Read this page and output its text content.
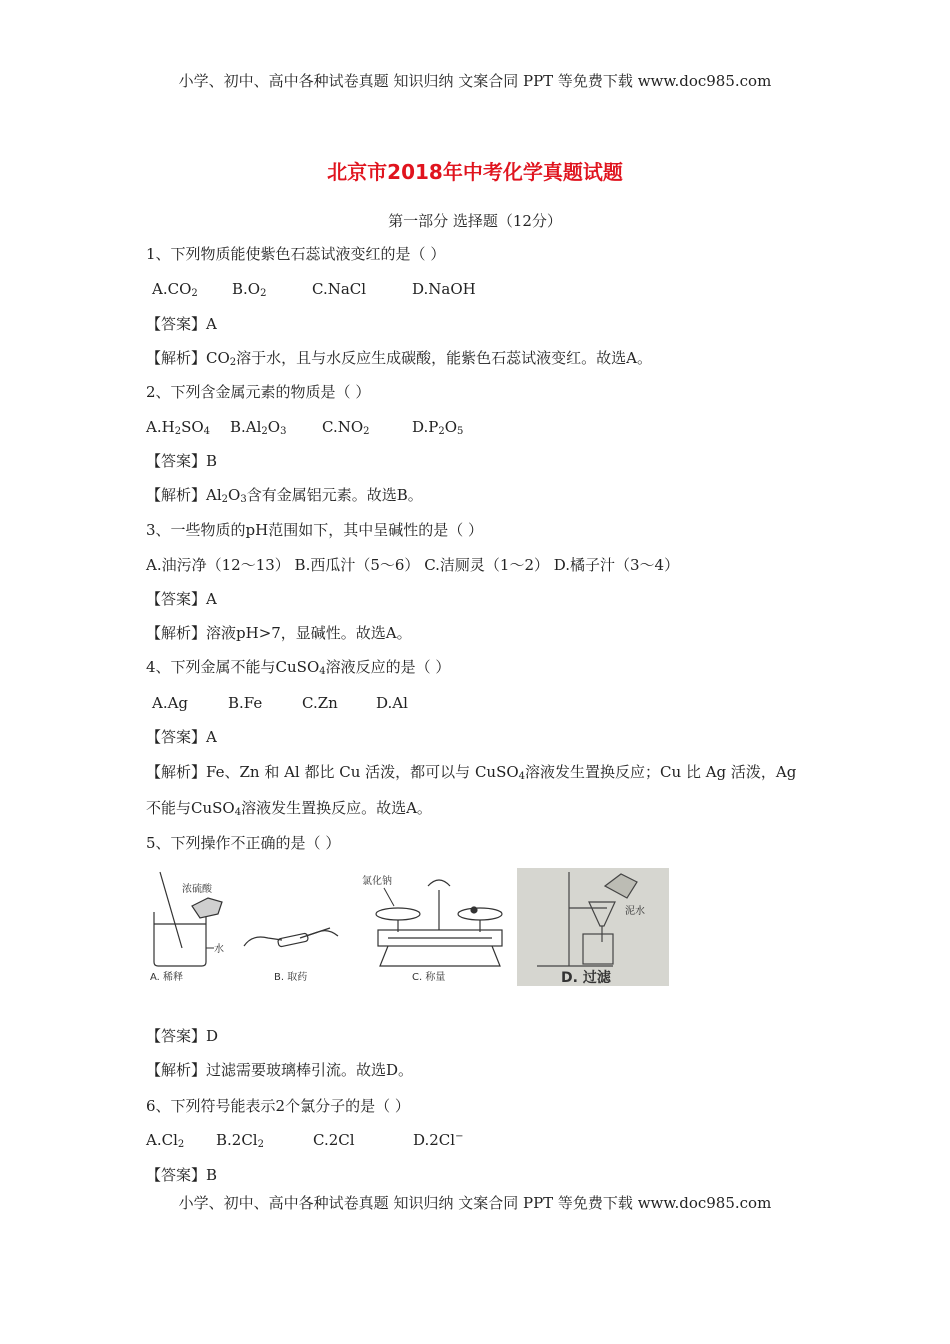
小学、初中、高中各种试卷真题 知识归纳 文案合同 PPT 等免费下载 www.doc985.com
北京市2018年中考化学真题试题
第一部分 选择题（12分）
1、下列物质能使紫色石蕊试液变红的是（ ）
$A.CO_2$ $B.O_2$	C.NaCl	D.NaOH
【答案】A
【解析】$CO_2$溶于水，且与水反应生成碳酸，能紫色石蕊试液变红。故选A。
2、下列含金属元素的物质是（ ）
$A.H_2SO_4$ $B.Al_2O_3$ $C.NO_2$	$D.P_2O_5$
【答案】B
【解析】$Al_2O_3$含有金属铝元素。故选B。
3、一些物质的pH范围如下，其中呈碱性的是（ ）
A.油污净（12～13） B.西瓜汁（5～6） C.洁厕灵（1～2） D.橘子汁（3～4）
【答案】A
【解析】溶液pH>7，显碱性。故选A。
4、下列金属不能与CuSO$_4$溶液反应的是（ ）
A.Ag	B.Fe	C.Zn	D.Al
【答案】A
【解析】Fe、Zn 和 Al 都比 Cu 活泼，都可以与 CuSO$_4$溶液发生置换反应；Cu 比 Ag 活泼，Ag
不能与CuSO$_4$溶液发生置换反应。故选A。
5、下列操作不正确的是（ ）
浓硫酸
水
A. 稀释	B. 取药
氯化钠
C. 称量
泥水
D. 过滤
【答案】D
【解析】过滤需要玻璃棒引流。故选D。
6、下列符号能表示2个氯分子的是（ ）
$A.Cl_2$ $B.2Cl_2$	C.2Cl	D.2Cl−
【答案】B
小学、初中、高中各种试卷真题 知识归纳 文案合同 PPT 等免费下载 www.doc985.com
